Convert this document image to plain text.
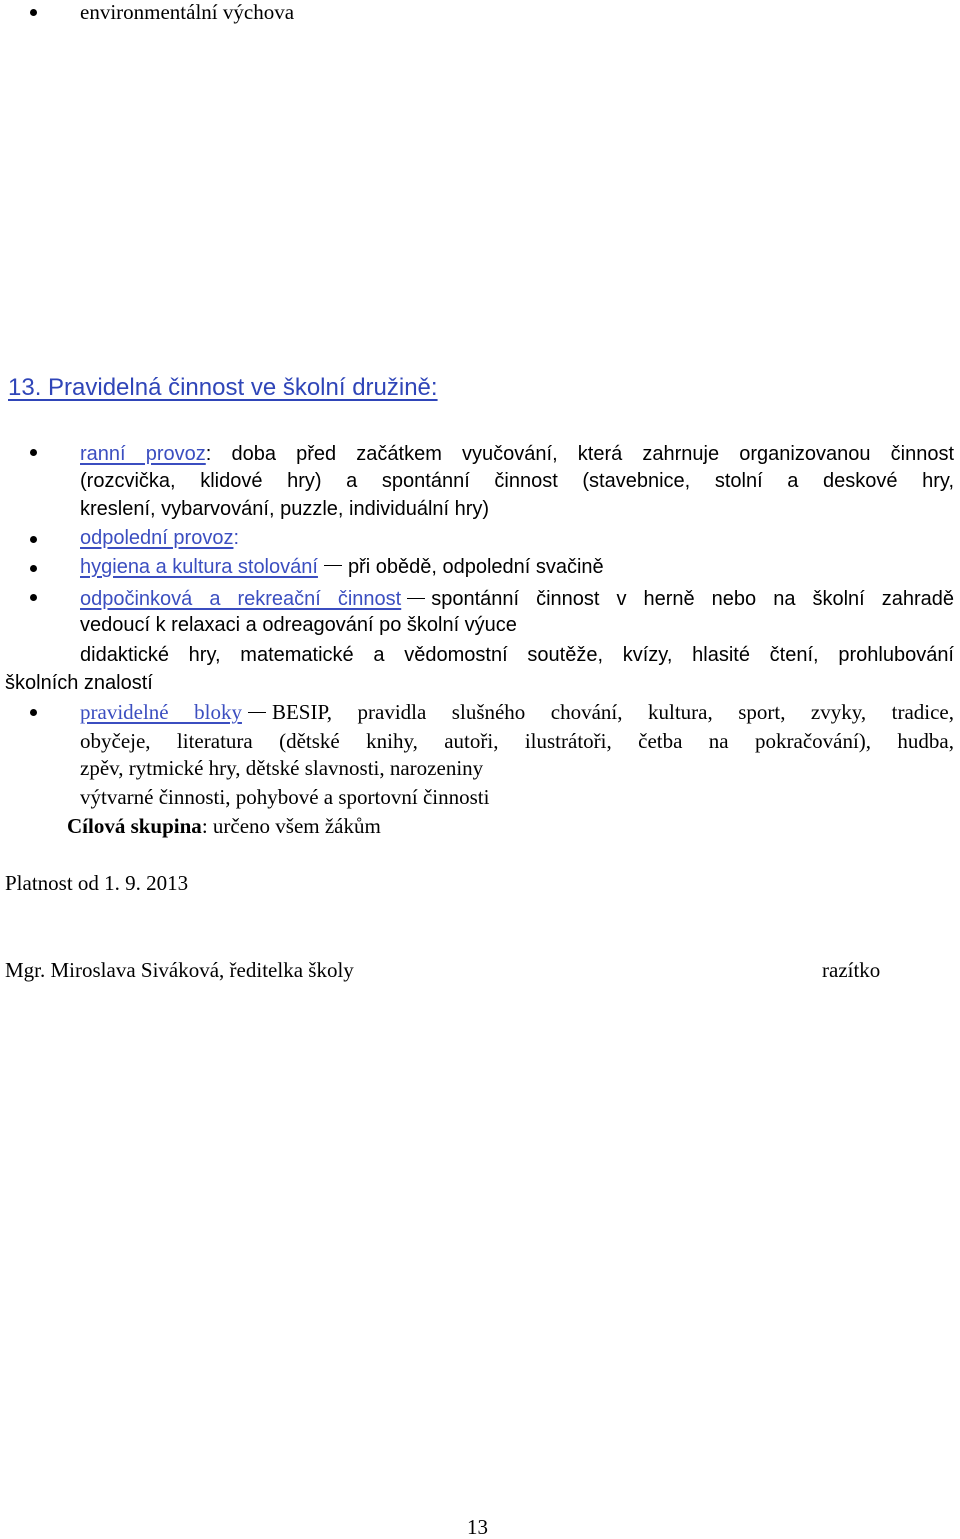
environmentální výchova
13. Pravidelná činnost ve školní družině:
ranní provoz: doba před začátkem vyučování, která zahrnuje organizovanou činnost
(rozcvička, klidové hry) a spontánní činnost (stavebnice, stolní a deskové hry,
kreslení, vybarvování, puzzle, individuální hry)
odpolední provoz:
hygiena a kultura stolování při obědě, odpolední svačině
odpočinková a rekreační činnost spontánní činnost v herně nebo na školní zahradě
vedoucí k relaxaci a odreagování po školní výuce
didaktické hry, matematické a vědomostní soutěže, kvízy, hlasité čtení, prohlubování
školních znalostí
pravidelné bloky BESIP, pravidla slušného chování, kultura, sport, zvyky, tradice,
obyčeje, literatura (dětské knihy, autoři, ilustrátoři, četba na pokračování), hudba,
zpěv, rytmické hry, dětské slavnosti, narozeniny
výtvarné činnosti, pohybové a sportovní činnosti
Cílová skupina: určeno všem žákům
Platnost od 1. 9. 2013
Mgr. Miroslava Siváková, ředitelka školy	razítko
13
